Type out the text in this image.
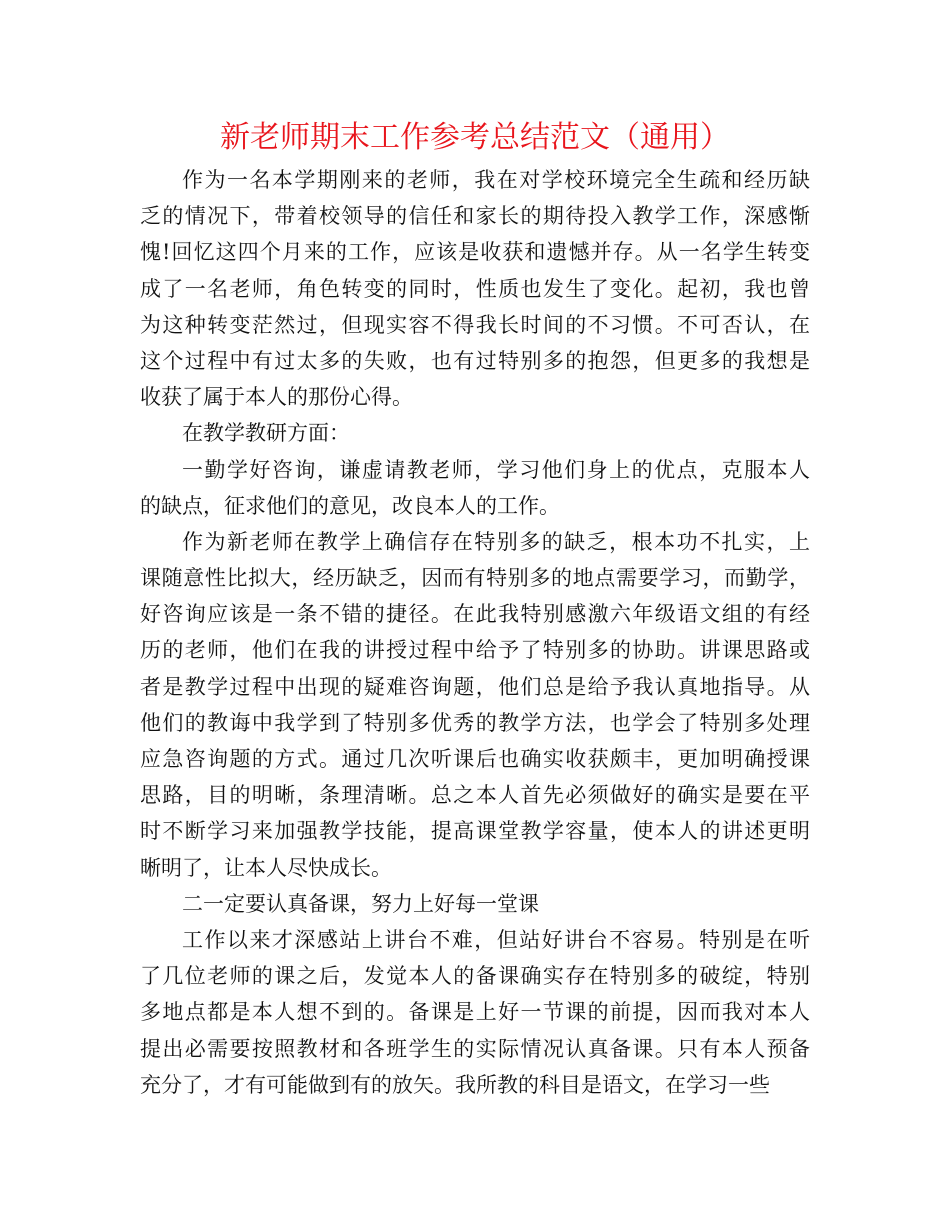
新老师期末工作参考总结范文（通用）
作为一名本学期刚来的老师，我在对学校环境完全生疏和经历缺
乏的情况下，带着校领导的信任和家长的期待投入教学工作，深感惭
愧!回忆这四个月来的工作，应该是收获和遗憾并存。从一名学生转变
成了一名老师，角色转变的同时，性质也发生了变化。起初，我也曾
为这种转变茫然过，但现实容不得我长时间的不习惯。不可否认，在
这个过程中有过太多的失败，也有过特别多的抱怨，但更多的我想是
收获了属于本人的那份心得。
在教学教研方面：
一勤学好咨询，谦虚请教老师，学习他们身上的优点，克服本人
的缺点，征求他们的意见，改良本人的工作。
作为新老师在教学上确信存在特别多的缺乏，根本功不扎实，上
课随意性比拟大，经历缺乏，因而有特别多的地点需要学习，而勤学，
好咨询应该是一条不错的捷径。在此我特别感激六年级语文组的有经
历的老师，他们在我的讲授过程中给予了特别多的协助。讲课思路或
者是教学过程中出现的疑难咨询题，他们总是给予我认真地指导。从
他们的教诲中我学到了特别多优秀的教学方法，也学会了特别多处理
应急咨询题的方式。通过几次听课后也确实收获颇丰，更加明确授课
思路，目的明晰，条理清晰。总之本人首先必须做好的确实是要在平
时不断学习来加强教学技能，提高课堂教学容量，使本人的讲述更明
晰明了，让本人尽快成长。
二一定要认真备课，努力上好每一堂课
工作以来才深感站上讲台不难，但站好讲台不容易。特别是在听
了几位老师的课之后，发觉本人的备课确实存在特别多的破绽，特别
多地点都是本人想不到的。备课是上好一节课的前提，因而我对本人
提出必需要按照教材和各班学生的实际情况认真备课。只有本人预备
充分了，才有可能做到有的放矢。我所教的科目是语文，在学习一些
